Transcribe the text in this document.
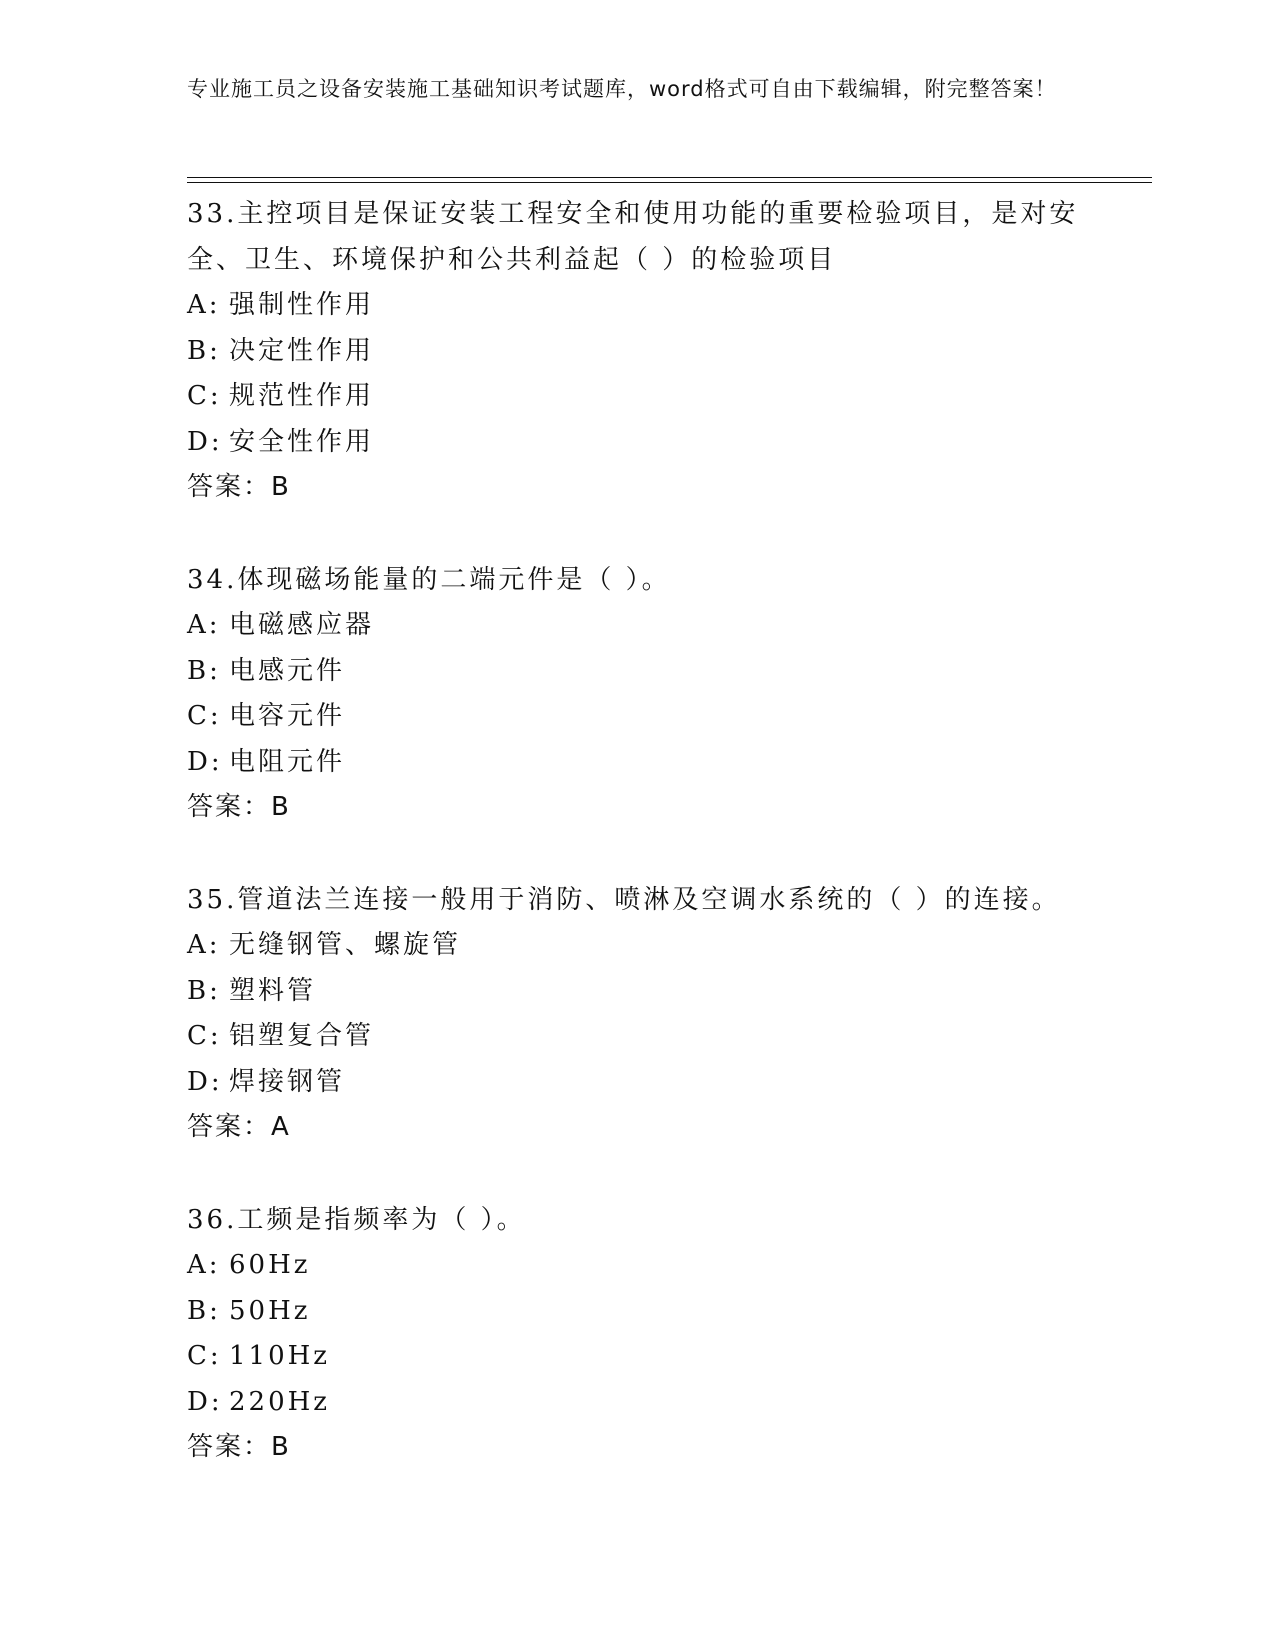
专业施工员之设备安装施工基础知识考试题库，word格式可自由下载编辑，附完整答案！

33.主控项目是保证安装工程安全和使用功能的重要检验项目，是对安全、卫生、环境保护和公共利益起（ ）的检验项目

A: 强制性作用

B: 决定性作用

C: 规范性作用

D: 安全性作用

答案：B

34.体现磁场能量的二端元件是（ ）。

A: 电磁感应器

B: 电感元件

C: 电容元件

D: 电阻元件

答案：B

35.管道法兰连接一般用于消防、喷淋及空调水系统的（ ）的连接。

A: 无缝钢管、螺旋管

B: 塑料管

C: 铝塑复合管

D: 焊接钢管

答案：A

36.工频是指频率为（ ）。

A: 60Hz

B: 50Hz

C: 110Hz

D: 220Hz

答案：B
